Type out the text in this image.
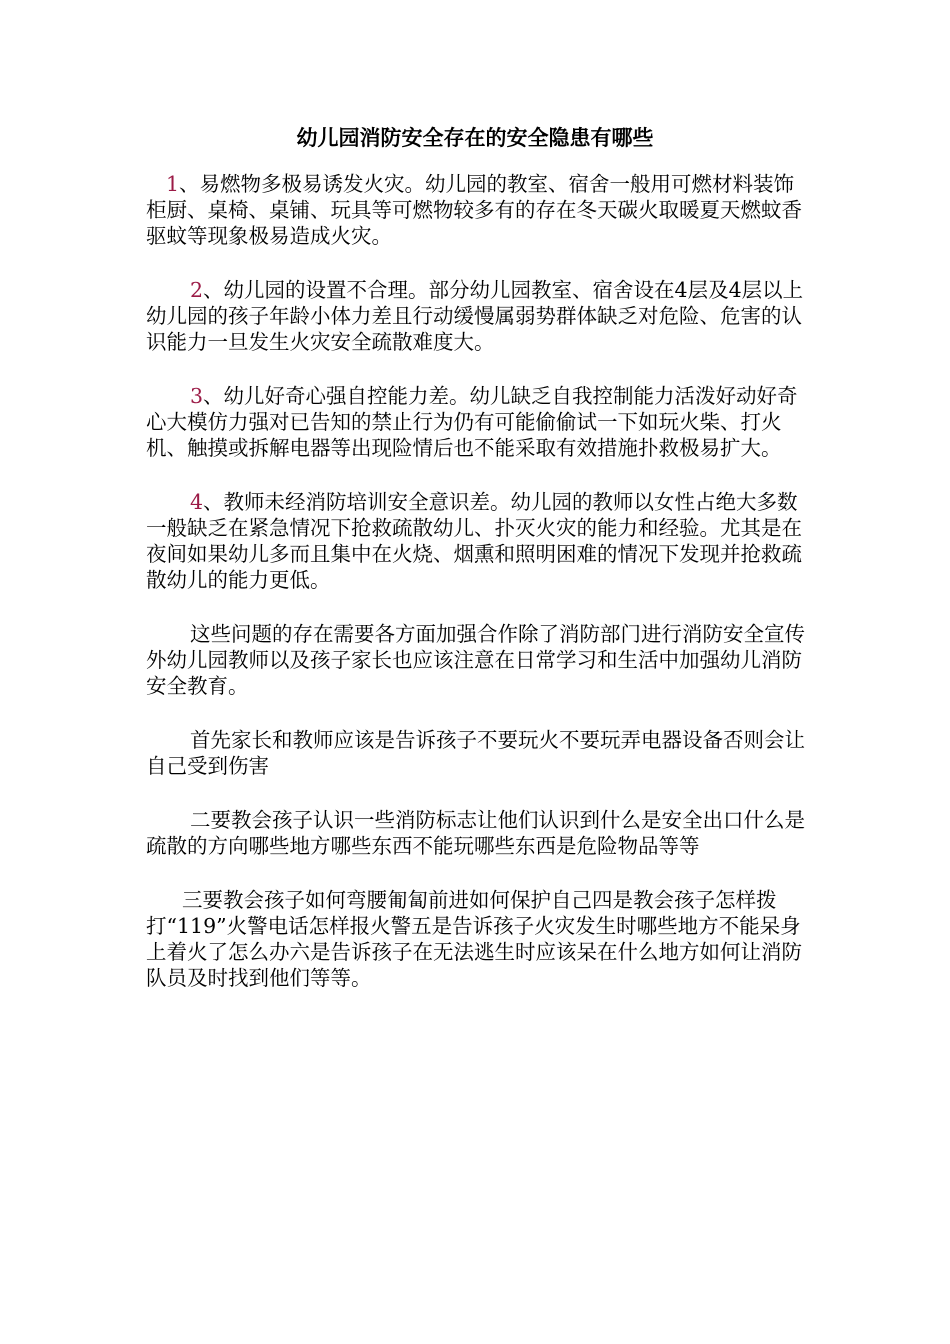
幼儿园消防安全存在的安全隐患有哪些

1、易燃物多极易诱发火灾。幼儿园的教室、宿舍一般用可燃材料装饰柜厨、桌椅、桌铺、玩具等可燃物较多有的存在冬天碳火取暖夏天燃蚊香驱蚊等现象极易造成火灾。

2、幼儿园的设置不合理。部分幼儿园教室、宿舍设在4层及4层以上幼儿园的孩子年龄小体力差且行动缓慢属弱势群体缺乏对危险、危害的认识能力一旦发生火灾安全疏散难度大。

3、幼儿好奇心强自控能力差。幼儿缺乏自我控制能力活泼好动好奇心大模仿力强对已告知的禁止行为仍有可能偷偷试一下如玩火柴、打火机、触摸或拆解电器等出现险情后也不能采取有效措施扑救极易扩大。

4、教师未经消防培训安全意识差。幼儿园的教师以女性占绝大多数一般缺乏在紧急情况下抢救疏散幼儿、扑灭火灾的能力和经验。尤其是在夜间如果幼儿多而且集中在火烧、烟熏和照明困难的情况下发现并抢救疏散幼儿的能力更低。

这些问题的存在需要各方面加强合作除了消防部门进行消防安全宣传外幼儿园教师以及孩子家长也应该注意在日常学习和生活中加强幼儿消防安全教育。

首先家长和教师应该是告诉孩子不要玩火不要玩弄电器设备否则会让自己受到伤害

二要教会孩子认识一些消防标志让他们认识到什么是安全出口什么是疏散的方向哪些地方哪些东西不能玩哪些东西是危险物品等等

三要教会孩子如何弯腰匍匐前进如何保护自己四是教会孩子怎样拨打“119”火警电话怎样报火警五是告诉孩子火灾发生时哪些地方不能呆身上着火了怎么办六是告诉孩子在无法逃生时应该呆在什么地方如何让消防队员及时找到他们等等。
